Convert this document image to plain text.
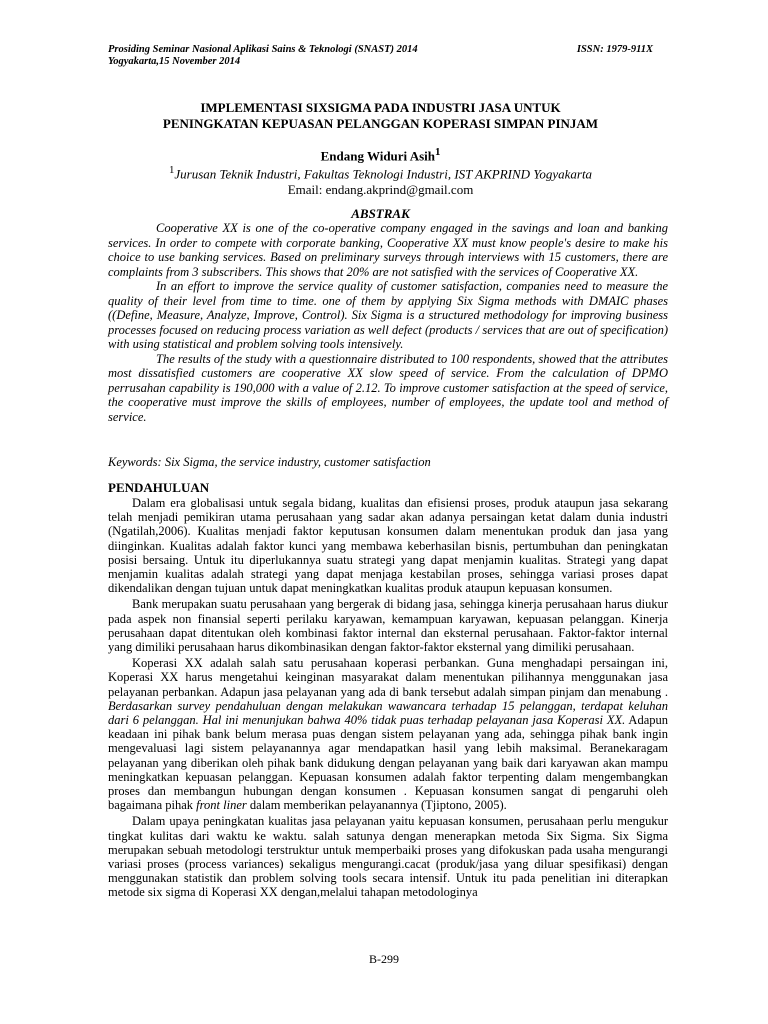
Prosiding Seminar Nasional Aplikasi Sains & Teknologi (SNAST) 2014	ISSN: 1979-911X
Yogyakarta,15 November 2014
IMPLEMENTASI SIXSIGMA PADA INDUSTRI JASA UNTUK
PENINGKATAN KEPUASAN PELANGGAN KOPERASI SIMPAN PINJAM
Endang Widuri Asih$^1$
$^1$Jurusan Teknik Industri, Fakultas Teknologi Industri, IST AKPRIND Yogyakarta
Email: endang.akprind@gmail.com
ABSTRAK

Cooperative XX is one of the co-operative company engaged in the savings and loan and banking services. In order to compete with corporate banking, Cooperative XX must know people's desire to make his choice to use banking services. Based on preliminary surveys through interviews with 15 customers, there are complaints from 3 subscribers. This shows that 20% are not satisfied with the services of Cooperative XX.

In an effort to improve the service quality of customer satisfaction, companies need to measure the quality of their level from time to time. one of them by applying Six Sigma methods with DMAIC phases ((Define, Measure, Analyze, Improve, Control). Six Sigma is a structured methodology for improving business processes focused on reducing process variation as well defect (products / services that are out of specification) with using statistical and problem solving tools intensively.

The results of the study with a questionnaire distributed to 100 respondents, showed that the attributes most dissatisfied customers are cooperative XX slow speed of service. From the calculation of DPMO perrusahan capability is 190,000 with a value of 2.12. To improve customer satisfaction at the speed of service, the cooperative must improve the skills of employees, number of employees, the update tool and method of service.

Keywords: Six Sigma, the service industry, customer satisfaction
PENDAHULUAN

Dalam era globalisasi untuk segala bidang, kualitas dan efisiensi proses, produk ataupun jasa sekarang telah menjadi pemikiran utama perusahaan yang sadar akan adanya persaingan ketat dalam dunia industri (Ngatilah,2006). Kualitas menjadi faktor keputusan konsumen dalam menentukan produk dan jasa yang diinginkan. Kualitas adalah faktor kunci yang membawa keberhasilan bisnis, pertumbuhan dan peningkatan posisi bersaing. Untuk itu diperlukannya suatu strategi yang dapat menjamin kualitas. Strategi yang dapat menjamin kualitas adalah strategi yang dapat menjaga kestabilan proses, sehingga variasi proses dapat dikendalikan dengan tujuan untuk dapat meningkatkan kualitas produk ataupun kepuasan konsumen.

Bank merupakan suatu perusahaan yang bergerak di bidang jasa, sehingga kinerja perusahaan harus diukur pada aspek non finansial seperti perilaku karyawan, kemampuan karyawan, kepuasan pelanggan. Kinerja perusahaan dapat ditentukan oleh kombinasi faktor internal dan eksternal perusahaan. Faktor-faktor internal yang dimiliki perusahaan harus dikombinasikan dengan faktor-faktor eksternal yang dimiliki perusahaan.

Koperasi XX adalah salah satu perusahaan koperasi perbankan. Guna menghadapi persaingan ini, Koperasi XX harus mengetahui keinginan masyarakat dalam menentukan pilihannya menggunakan jasa pelayanan perbankan. Adapun jasa pelayanan yang ada di bank tersebut adalah simpan pinjam dan menabung . Berdasarkan survey pendahuluan dengan melakukan wawancara terhadap 15 pelanggan, terdapat keluhan dari 6 pelanggan. Hal ini menunjukan bahwa 40% tidak puas terhadap pelayanan jasa Koperasi XX. Adapun keadaan ini pihak bank belum merasa puas dengan sistem pelayanan yang ada, sehingga pihak bank ingin mengevaluasi lagi sistem pelayanannya agar mendapatkan hasil yang lebih maksimal. Beranekaragam pelayanan yang diberikan oleh pihak bank didukung dengan pelayanan yang baik dari karyawan akan mampu meningkatkan kepuasan pelanggan. Kepuasan konsumen adalah faktor terpenting dalam mengembangkan proses dan membangun hubungan dengan konsumen . Kepuasan konsumen sangat di pengaruhi oleh bagaimana pihak front liner dalam memberikan pelayanannya (Tjiptono, 2005).

Dalam upaya peningkatan kualitas jasa pelayanan yaitu kepuasan konsumen, perusahaan perlu mengukur tingkat kulitas dari waktu ke waktu. salah satunya dengan menerapkan metoda Six Sigma. Six Sigma merupakan sebuah metodologi terstruktur untuk memperbaiki proses yang difokuskan pada usaha mengurangi variasi proses (process variances) sekaligus mengurangi.cacat (produk/jasa yang diluar spesifikasi) dengan menggunakan statistik dan problem solving tools secara intensif. Untuk itu pada penelitian ini diterapkan metode six sigma di Koperasi XX dengan,melalui tahapan metodologinya

B-299
